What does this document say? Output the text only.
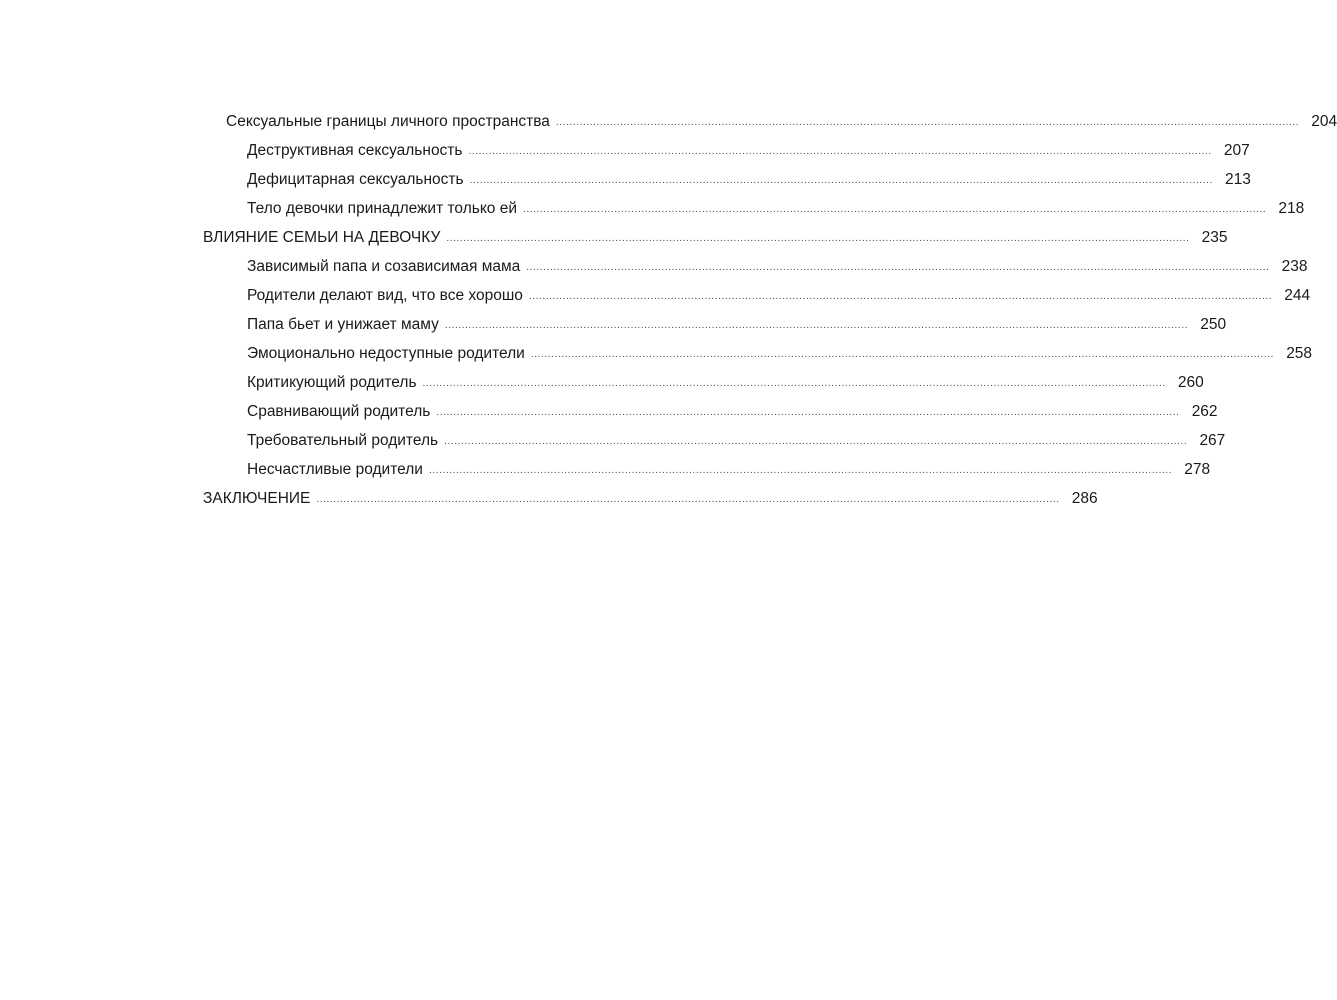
Сексуальные границы личного пространства ............................................................................................................................................................................................................................ 204
Деструктивная сексуальность ............................................................................................................................................................................................................................ 207
Дефицитарная сексуальность ............................................................................................................................................................................................................................ 213
Тело девочки принадлежит только ей ............................................................................................................................................................................................................................ 218
ВЛИЯНИЕ СЕМЬИ НА ДЕВОЧКУ ............................................................................................................................................................................................................................ 235
Зависимый папа и созависимая мама ............................................................................................................................................................................................................................ 238
Родители делают вид, что все хорошо ............................................................................................................................................................................................................................ 244
Папа бьет и унижает маму ............................................................................................................................................................................................................................ 250
Эмоционально недоступные родители ............................................................................................................................................................................................................................ 258
Критикующий родитель ............................................................................................................................................................................................................................ 260
Сравнивающий родитель ............................................................................................................................................................................................................................ 262
Требовательный родитель ............................................................................................................................................................................................................................ 267
Несчастливые родители ............................................................................................................................................................................................................................ 278
ЗАКЛЮЧЕНИЕ ............................................................................................................................................................................................................................ 286
